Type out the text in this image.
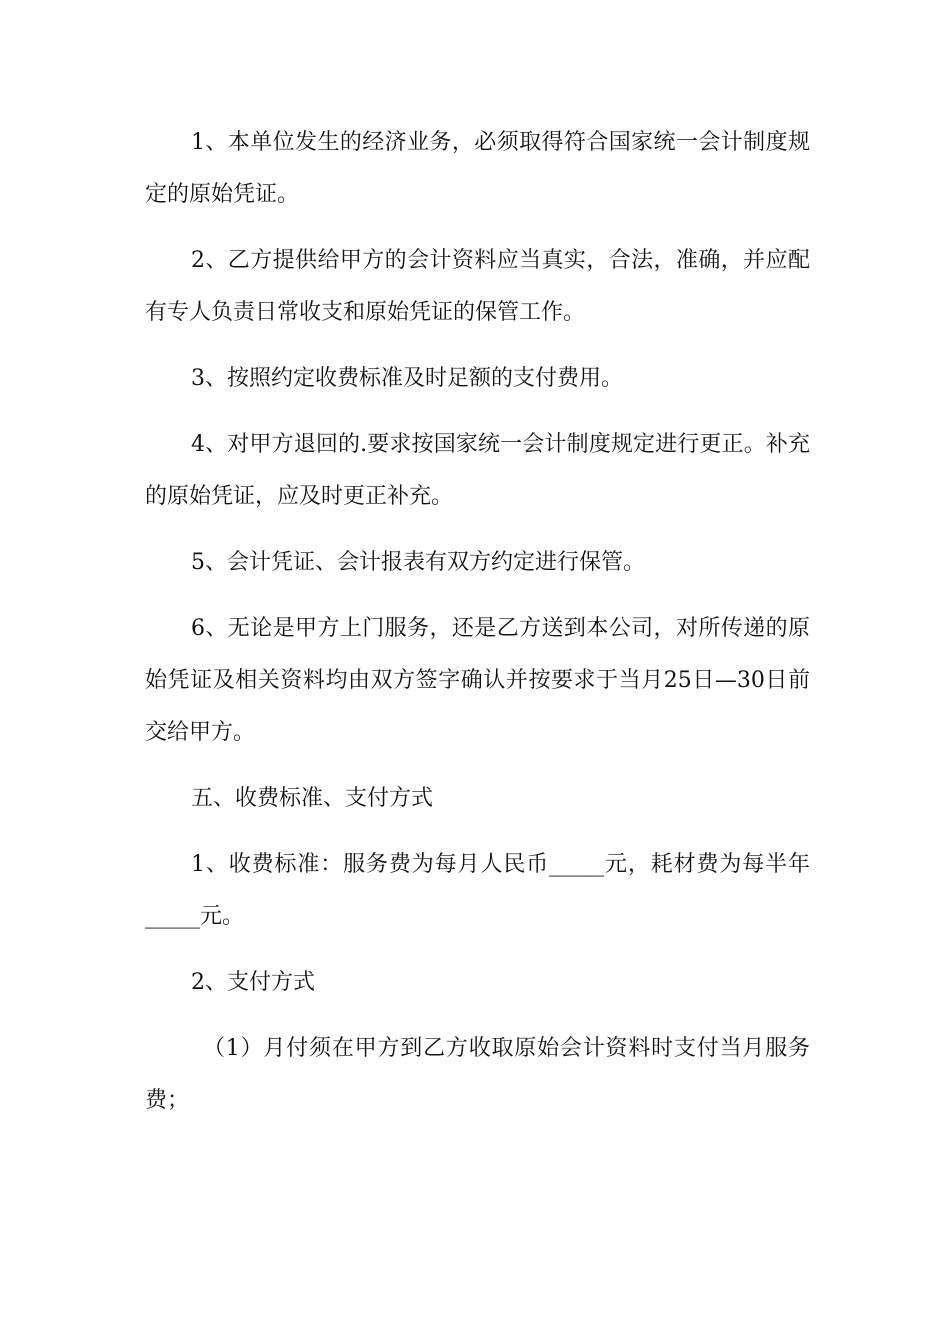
1、本单位发生的经济业务，必须取得符合国家统一会计制度规定的原始凭证。

2、乙方提供给甲方的会计资料应当真实，合法，准确，并应配有专人负责日常收支和原始凭证的保管工作。

3、按照约定收费标准及时足额的支付费用。

4、对甲方退回的.要求按国家统一会计制度规定进行更正。补充的原始凭证，应及时更正补充。

5、会计凭证、会计报表有双方约定进行保管。

6、无论是甲方上门服务，还是乙方送到本公司，对所传递的原始凭证及相关资料均由双方签字确认并按要求于当月25日—30日前交给甲方。

五、收费标准、支付方式

1、收费标准：服务费为每月人民币_____元，耗材费为每半年_____元。

2、支付方式

（1）月付须在甲方到乙方收取原始会计资料时支付当月服务费；
